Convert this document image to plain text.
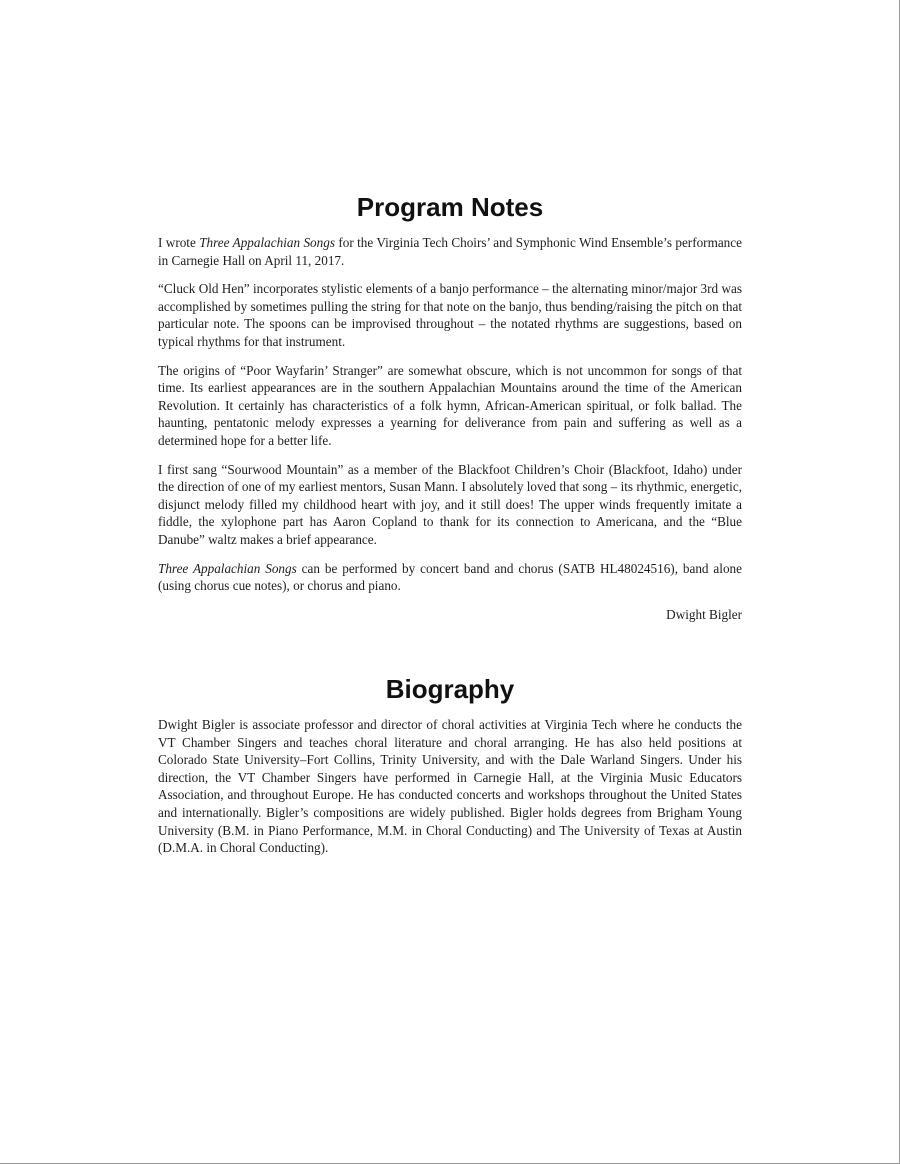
Program Notes

I wrote Three Appalachian Songs for the Virginia Tech Choirs’ and Symphonic Wind Ensemble’s performance in Carnegie Hall on April 11, 2017.

“Cluck Old Hen” incorporates stylistic elements of a banjo performance – the alternating minor/major 3rd was accomplished by sometimes pulling the string for that note on the banjo, thus bending/raising the pitch on that particular note. The spoons can be improvised throughout – the notated rhythms are suggestions, based on typical rhythms for that instrument.

The origins of “Poor Wayfarin’ Stranger” are somewhat obscure, which is not uncommon for songs of that time. Its earliest appearances are in the southern Appalachian Mountains around the time of the American Revolution. It certainly has characteristics of a folk hymn, African-American spiritual, or folk ballad. The haunting, pentatonic melody expresses a yearning for deliverance from pain and suffering as well as a determined hope for a better life.

I first sang “Sourwood Mountain” as a member of the Blackfoot Children’s Choir (Blackfoot, Idaho) under the direction of one of my earliest mentors, Susan Mann. I absolutely loved that song – its rhythmic, energetic, disjunct melody filled my childhood heart with joy, and it still does! The upper winds frequently imitate a fiddle, the xylophone part has Aaron Copland to thank for its connection to Americana, and the “Blue Danube” waltz makes a brief appearance.

Three Appalachian Songs can be performed by concert band and chorus (SATB HL48024516), band alone (using chorus cue notes), or chorus and piano.

Dwight Bigler

Biography

Dwight Bigler is associate professor and director of choral activities at Virginia Tech where he conducts the VT Chamber Singers and teaches choral literature and choral arranging. He has also held positions at Colorado State University–Fort Collins, Trinity University, and with the Dale Warland Singers. Under his direction, the VT Chamber Singers have performed in Carnegie Hall, at the Virginia Music Educators Association, and throughout Europe. He has conducted concerts and workshops throughout the United States and internationally. Bigler’s compositions are widely published. Bigler holds degrees from Brigham Young University (B.M. in Piano Performance, M.M. in Choral Conducting) and The University of Texas at Austin (D.M.A. in Choral Conducting).
